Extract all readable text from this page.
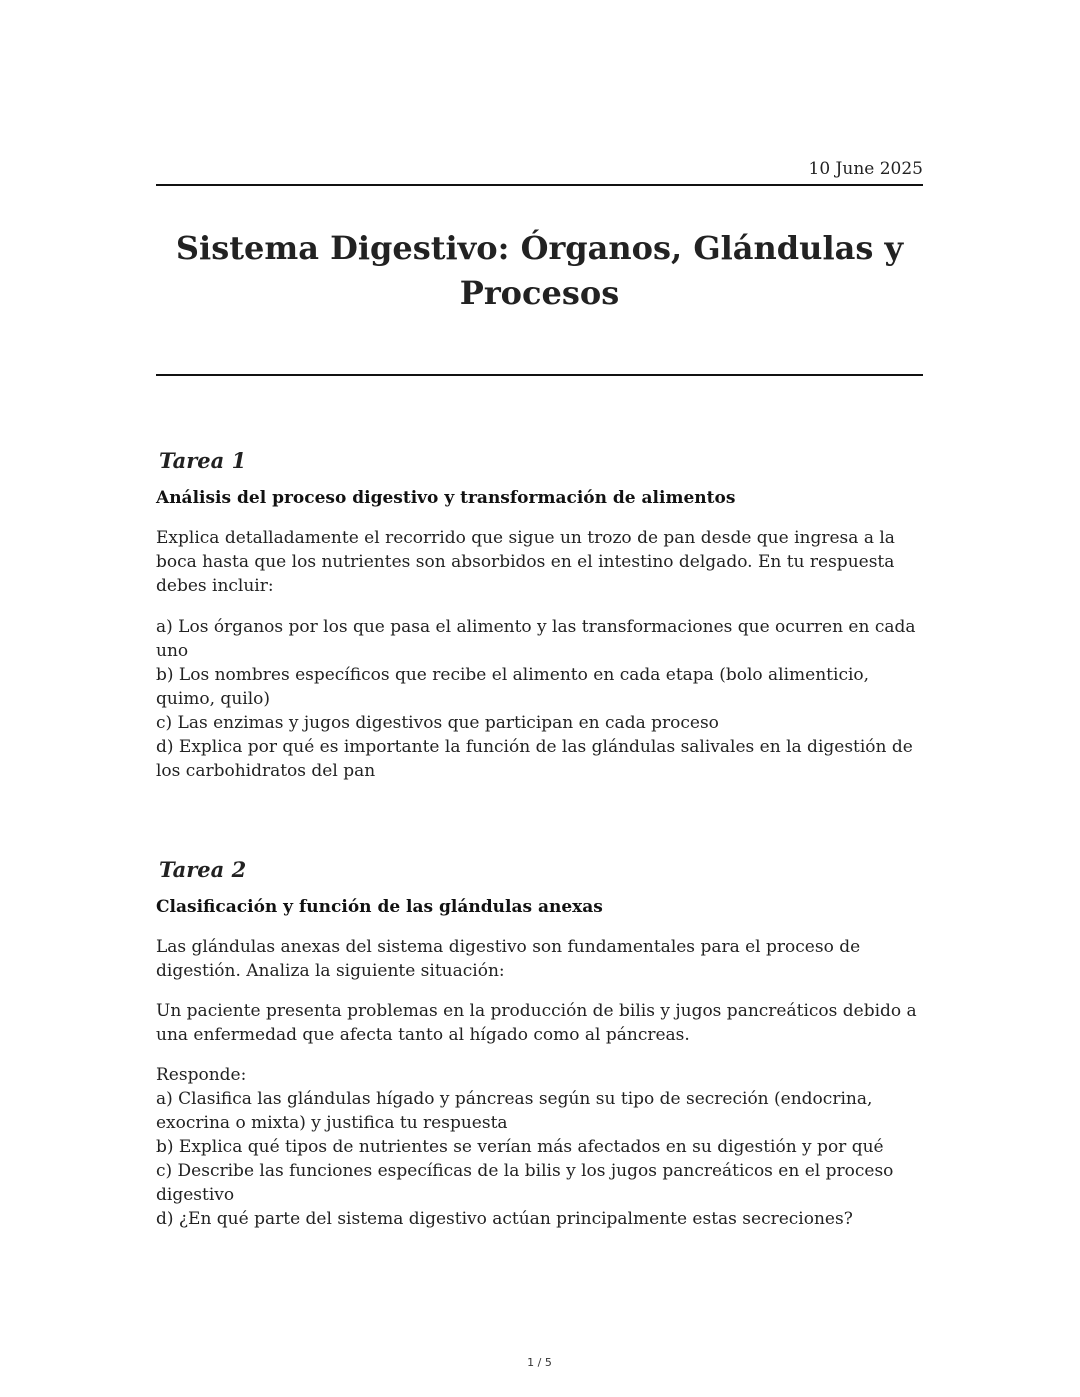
10 June 2025
Sistema Digestivo: Órganos, Glándulas y
Procesos
Tarea 1
Análisis del proceso digestivo y transformación de alimentos
Explica detalladamente el recorrido que sigue un trozo de pan desde que ingresa a la boca hasta que los nutrientes son absorbidos en el intestino delgado. En tu respuesta debes incluir:
a) Los órganos por los que pasa el alimento y las transformaciones que ocurren en cada uno
b) Los nombres específicos que recibe el alimento en cada etapa (bolo alimenticio, quimo, quilo)
c) Las enzimas y jugos digestivos que participan en cada proceso
d) Explica por qué es importante la función de las glándulas salivales en la digestión de los carbohidratos del pan
Tarea 2
Clasificación y función de las glándulas anexas
Las glándulas anexas del sistema digestivo son fundamentales para el proceso de digestión. Analiza la siguiente situación:
Un paciente presenta problemas en la producción de bilis y jugos pancreáticos debido a una enfermedad que afecta tanto al hígado como al páncreas.
Responde:
a) Clasifica las glándulas hígado y páncreas según su tipo de secreción (endocrina, exocrina o mixta) y justifica tu respuesta
b) Explica qué tipos de nutrientes se verían más afectados en su digestión y por qué
c) Describe las funciones específicas de la bilis y los jugos pancreáticos en el proceso digestivo
d) ¿En qué parte del sistema digestivo actúan principalmente estas secreciones?
1 / 5
